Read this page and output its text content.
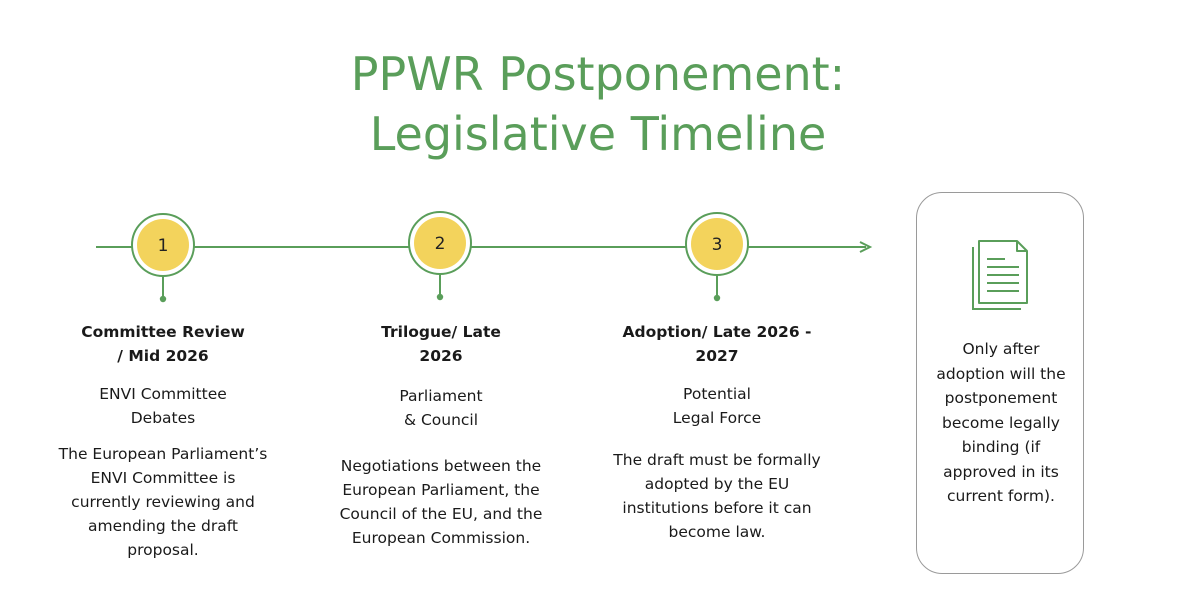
PPWR Postponement:
Legislative Timeline
1	2	3
Committee Review
/ Mid 2026
ENVI Committee
Debates
The European Parliament’s
ENVI Committee is
currently reviewing and
amending the draft
proposal.
Trilogue/ Late
2026
Parliament
& Council
Negotiations between the
European Parliament, the
Council of the EU, and the
European Commission.
Adoption/ Late 2026 -
2027
Potential
Legal Force
The draft must be formally
adopted by the EU
institutions before it can
become law.
Only after
adoption will the
postponement
become legally
binding (if
approved in its
current form).
